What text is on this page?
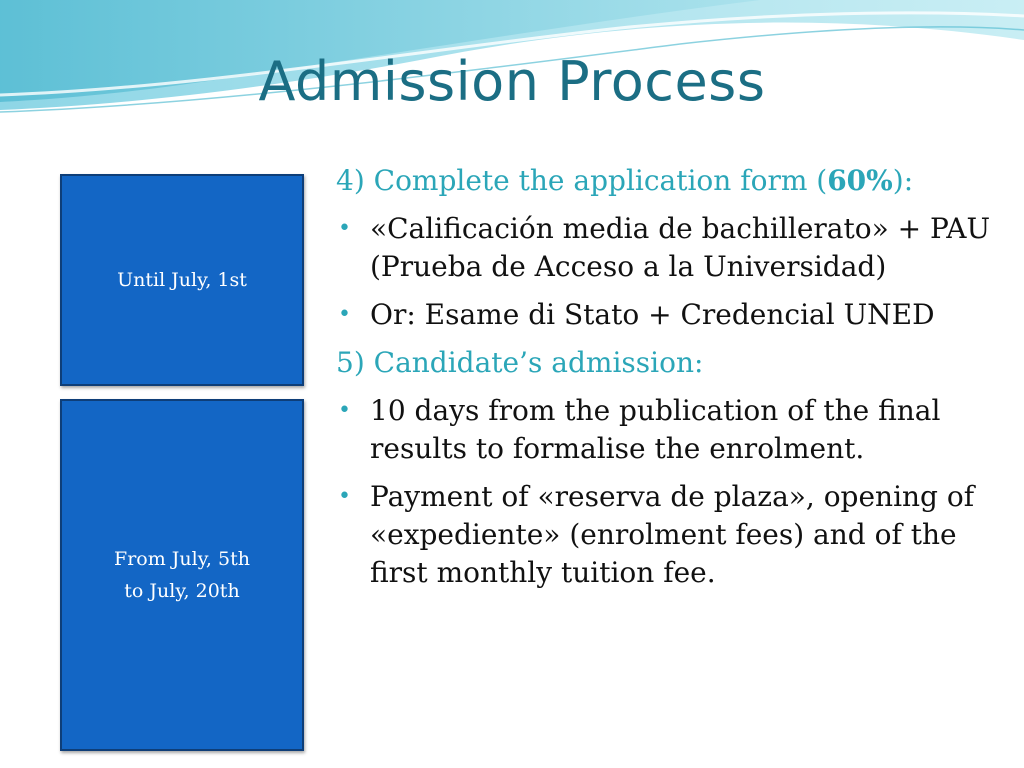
Admission Process
Until July, 1st
From July, 5th
to July, 20th
4) Complete the application form (60%):
• «Calificación media de bachillerato» + PAU (Prueba de Acceso a la Universidad)
• Or: Esame di Stato + Credencial UNED
5) Candidate’s admission:
• 10 days from the publication of the final results to formalise the enrolment.
• Payment of «reserva de plaza», opening of «expediente» (enrolment fees) and of the first monthly tuition fee.
